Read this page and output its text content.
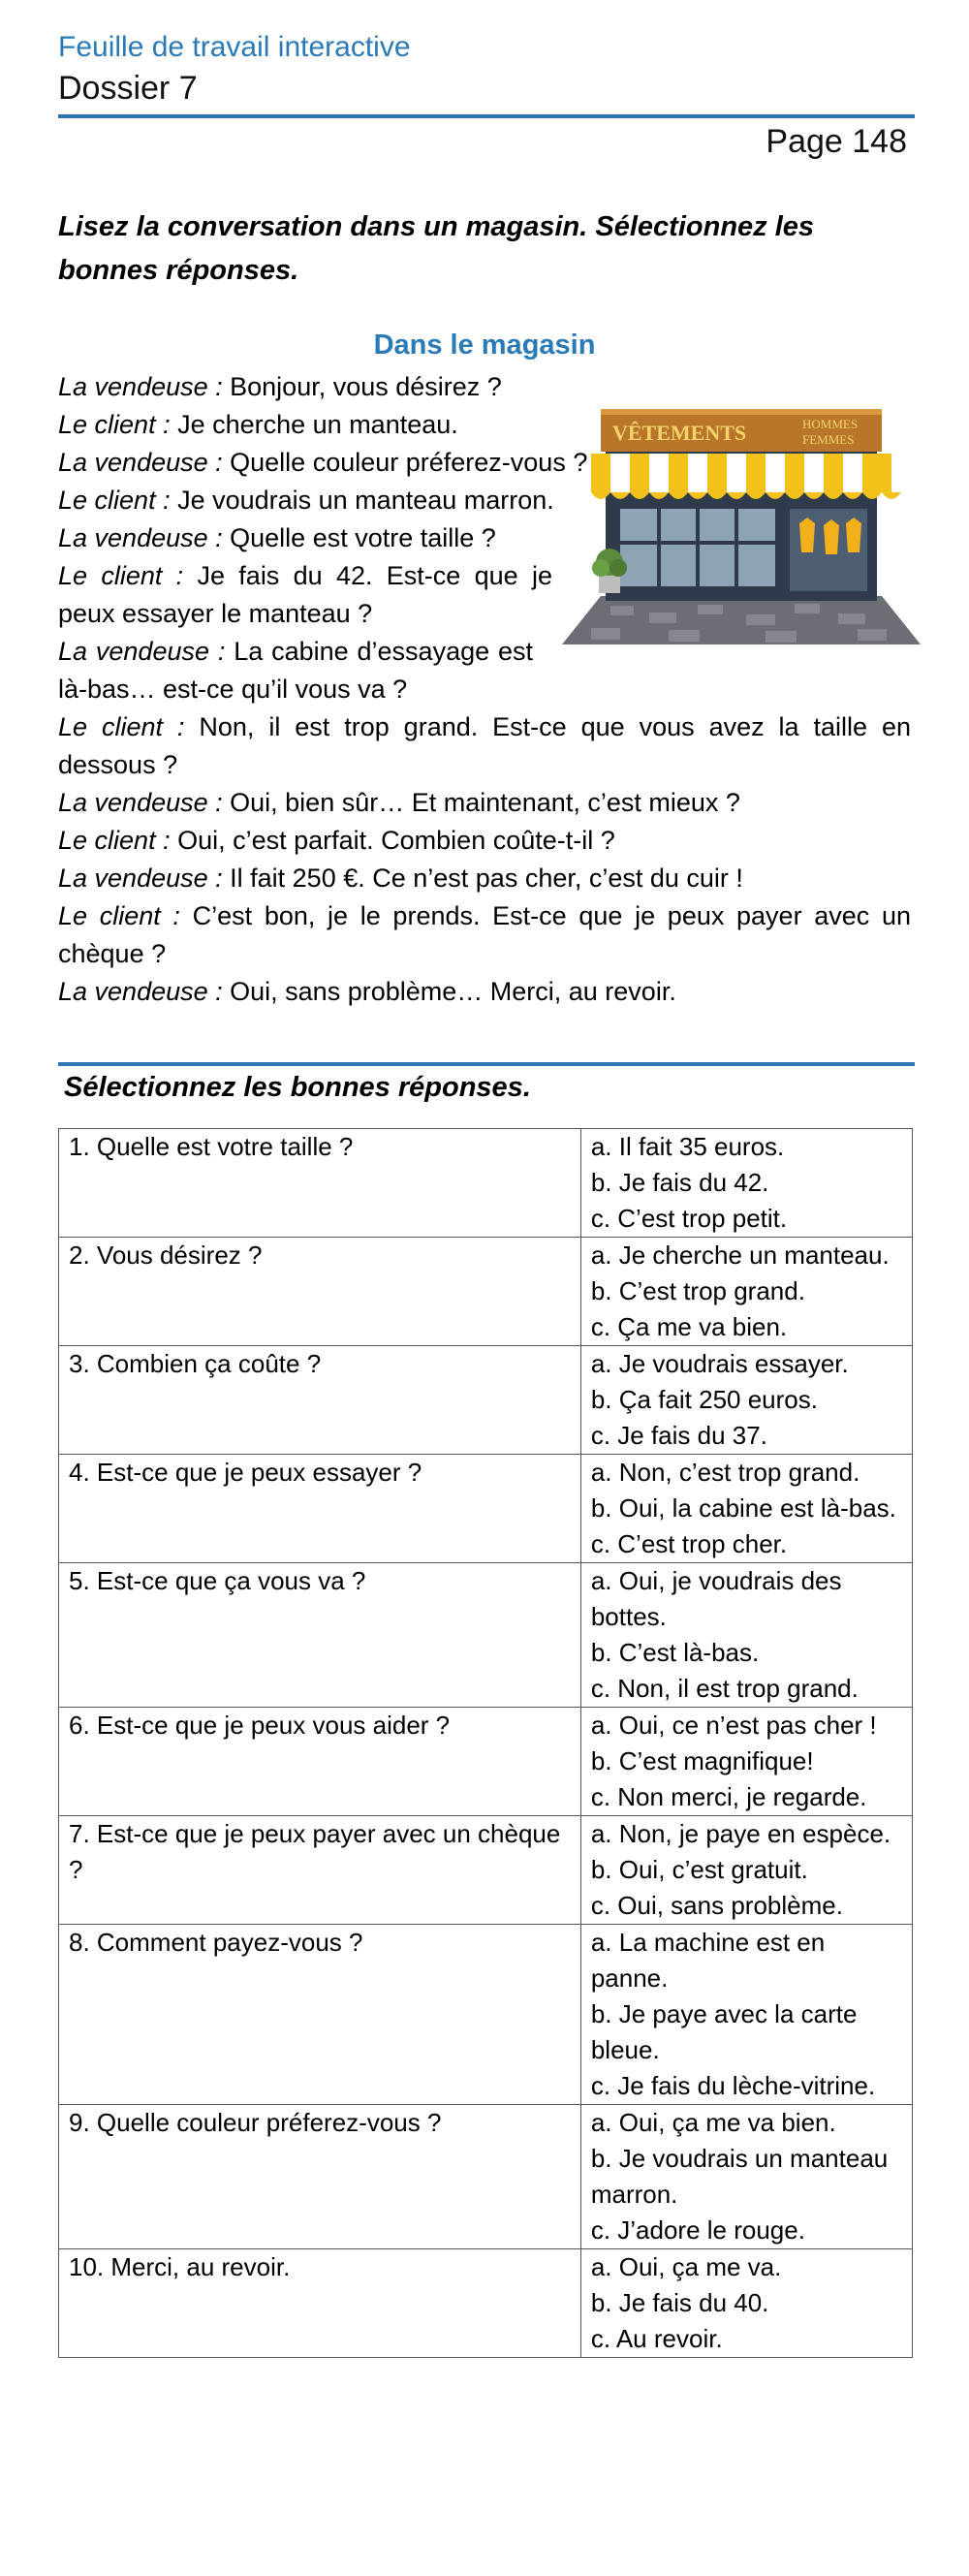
Feuille de travail interactive
Dossier 7
Page 148
Lisez la conversation dans un magasin. Sélectionnez les bonnes réponses.
Dans le magasin
La vendeuse : Bonjour, vous désirez ?
Le client : Je cherche un manteau.
La vendeuse : Quelle couleur préferez-vous ?
Le client : Je voudrais un manteau marron.
La vendeuse : Quelle est votre taille ?
Le client : Je fais du 42. Est-ce que je peux essayer le manteau ?
La vendeuse : La cabine d’essayage est là-bas… est-ce qu’il vous va ?
Le client : Non, il est trop grand. Est-ce que vous avez la taille en dessous ?
La vendeuse : Oui, bien sûr… Et maintenant, c’est mieux ?
Le client : Oui, c’est parfait. Combien coûte-t-il ?
La vendeuse : Il fait 250 €. Ce n’est pas cher, c’est du cuir !
Le client : C’est bon, je le prends. Est-ce que je peux payer avec un chèque ?
La vendeuse : Oui, sans problème… Merci, au revoir.
VÊTEMENTS	HOMMES
FEMMES
Sélectionnez les bonnes réponses.
1. Quelle est votre taille ?	a. Il fait 35 euros.
b. Je fais du 42.
c. C’est trop petit.

2. Vous désirez ?	a. Je cherche un manteau.
b. C’est trop grand.
c. Ça me va bien.

3. Combien ça coûte ?	a. Je voudrais essayer.
b. Ça fait 250 euros.
c. Je fais du 37.

4. Est-ce que je peux essayer ?	a. Non, c’est trop grand.
b. Oui, la cabine est là-bas.
c. C’est trop cher.

5. Est-ce que ça vous va ?	a. Oui, je voudrais des bottes.
b. C’est là-bas.
c. Non, il est trop grand.

6. Est-ce que je peux vous aider ?	a. Oui, ce n’est pas cher !
b. C’est magnifique!
c. Non merci, je regarde.

7. Est-ce que je peux payer avec un chèque ?	a. Non, je paye en espèce.
b. Oui, c’est gratuit.
c. Oui, sans problème.

8. Comment payez-vous ?	a. La machine est en panne.
b. Je paye avec la carte bleue.
c. Je fais du lèche-vitrine.

9. Quelle couleur préferez-vous ?	a. Oui, ça me va bien.
b. Je voudrais un manteau marron.
c. J’adore le rouge.

10. Merci, au revoir.	a. Oui, ça me va.
b. Je fais du 40.
c. Au revoir.
